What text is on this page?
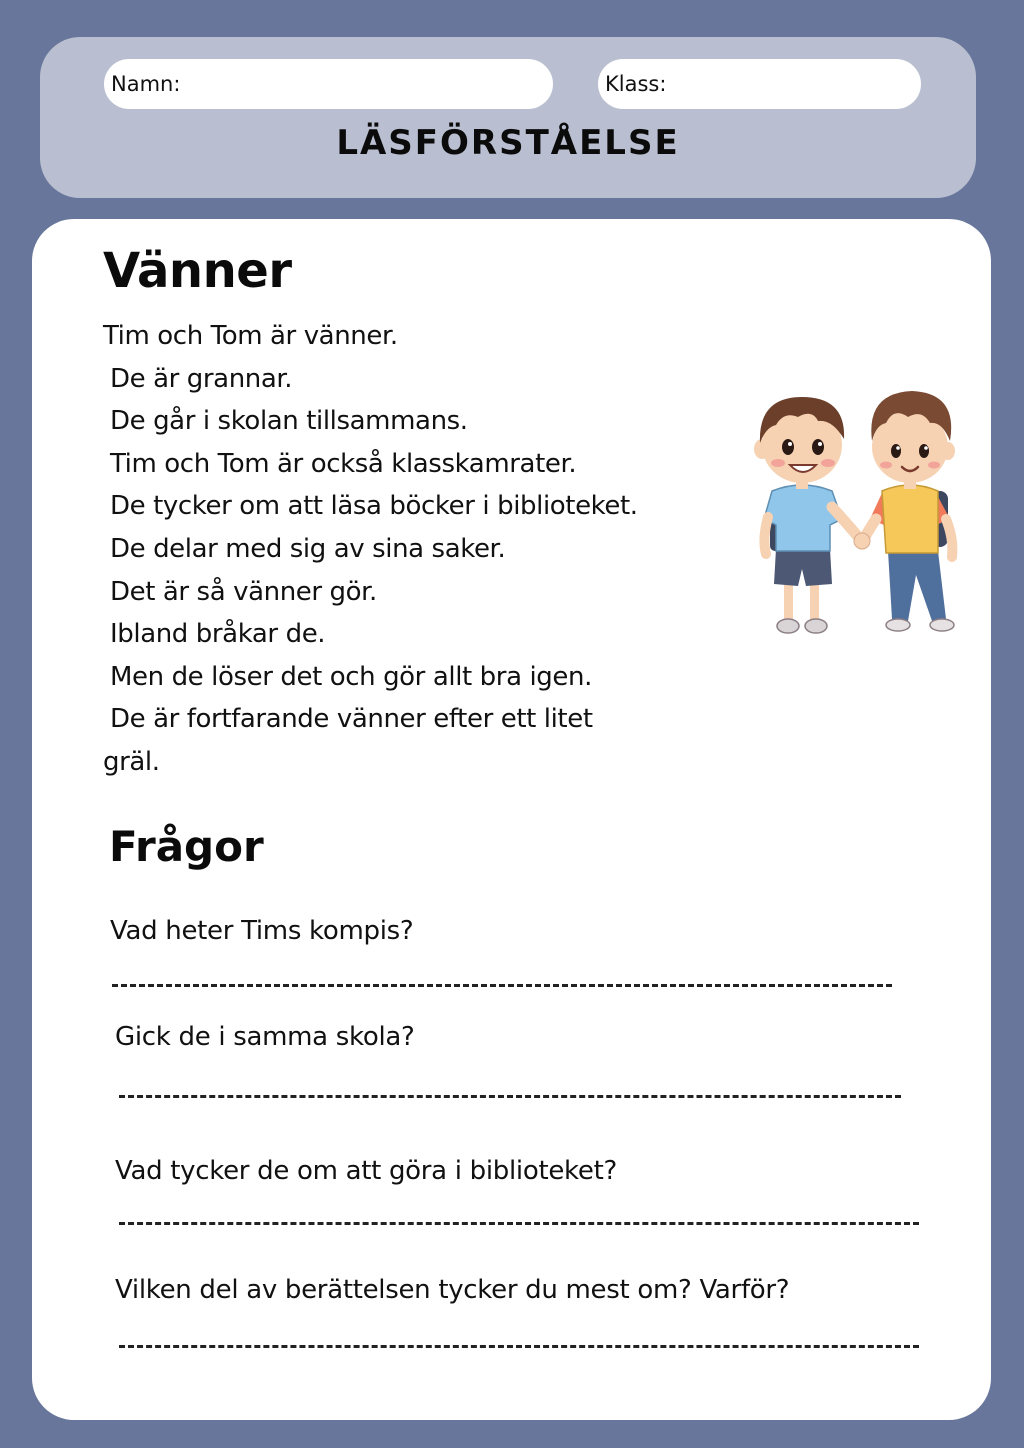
Namn:	Klass:
LÄSFÖRSTÅELSE
Vänner
Tim och Tom är vänner.
De är grannar.
De går i skolan tillsammans.
Tim och Tom är också klasskamrater.
De tycker om att läsa böcker i biblioteket.
De delar med sig av sina saker.
Det är så vänner gör.
Ibland bråkar de.
Men de löser det och gör allt bra igen.
De är fortfarande vänner efter ett litet
gräl.
Frågor
Vad heter Tims kompis?
Gick de i samma skola?
Vad tycker de om att göra i biblioteket?
Vilken del av berättelsen tycker du mest om? Varför?
